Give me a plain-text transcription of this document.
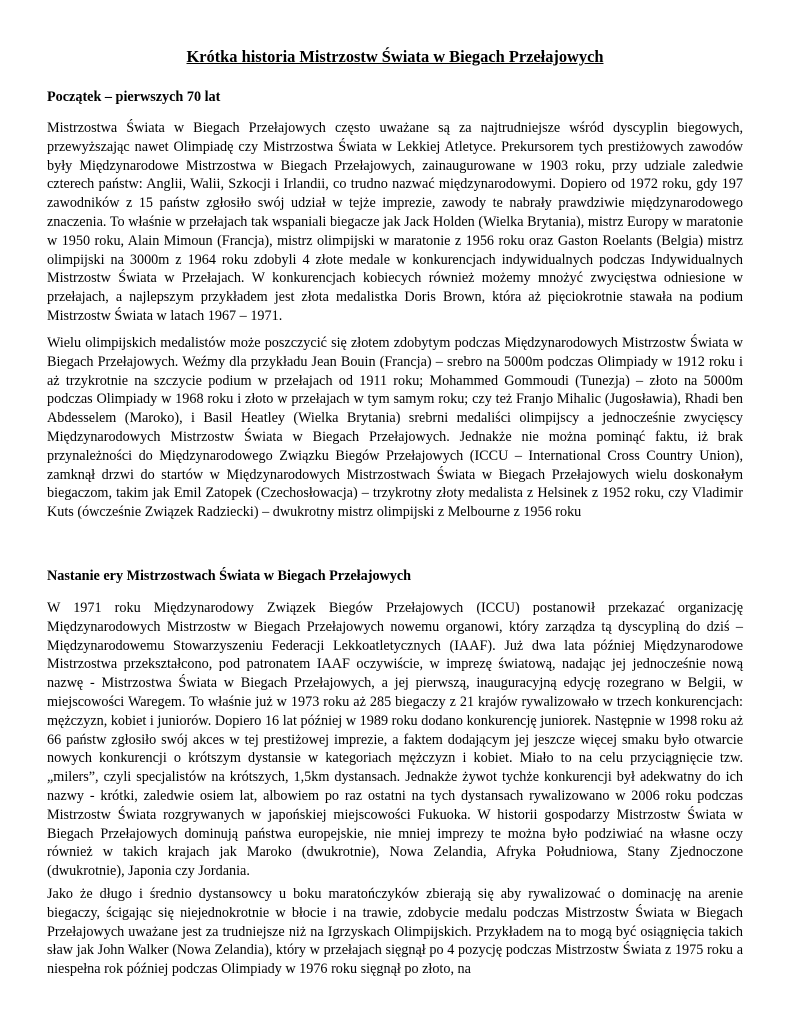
Krótka historia Mistrzostw Świata w Biegach Przełajowych
Początek – pierwszych 70 lat

Mistrzostwa Świata w Biegach Przełajowych często uważane są za najtrudniejsze wśród dyscyplin biegowych, przewyższając nawet Olimpiadę czy Mistrzostwa Świata w Lekkiej Atletyce. Prekursorem tych prestiżowych zawodów były Międzynarodowe Mistrzostwa w Biegach Przełajowych, zainaugurowane w 1903 roku, przy udziale zaledwie czterech państw: Anglii, Walii, Szkocji i Irlandii, co trudno nazwać międzynarodowymi. Dopiero od 1972 roku, gdy 197 zawodników z 15 państw zgłosiło swój udział w tejże imprezie, zawody te nabrały prawdziwie międzynarodowego znaczenia. To właśnie w przełajach tak wspaniali biegacze jak Jack Holden (Wielka Brytania), mistrz Europy w maratonie w 1950 roku, Alain Mimoun (Francja), mistrz olimpijski w maratonie z 1956 roku oraz Gaston Roelants (Belgia) mistrz olimpijski na 3000m z 1964 roku zdobyli 4 złote medale w konkurencjach indywidualnych podczas Indywidualnych Mistrzostw Świata w Przełajach. W konkurencjach kobiecych również możemy mnożyć zwycięstwa odniesione w przełajach, a najlepszym przykładem jest złota medalistka Doris Brown, która aż pięciokrotnie stawała na podium Mistrzostw Świata w latach 1967 – 1971.

Wielu olimpijskich medalistów może poszczycić się złotem zdobytym podczas Międzynarodowych Mistrzostw Świata w Biegach Przełajowych. Weźmy dla przykładu Jean Bouin (Francja) – srebro na 5000m podczas Olimpiady w 1912 roku i aż trzykrotnie na szczycie podium w przełajach od 1911 roku; Mohammed Gommoudi (Tunezja) – złoto na 5000m podczas Olimpiady w 1968 roku i złoto w przełajach w tym samym roku; czy też Franjo Mihalic (Jugosławia), Rhadi ben Abdesselem (Maroko), i Basil Heatley (Wielka Brytania) srebrni medaliści olimpijscy a jednocześnie zwycięscy Międzynarodowych Mistrzostw Świata w Biegach Przełajowych. Jednakże nie można pominąć faktu, iż brak przynależności do Międzynarodowego Związku Biegów Przełajowych (ICCU – International Cross Country Union), zamknął drzwi do startów w Międzynarodowych Mistrzostwach Świata w Biegach Przełajowych wielu doskonałym biegaczom, takim jak Emil Zatopek (Czechosłowacja) – trzykrotny złoty medalista z Helsinek z 1952 roku, czy Vladimir Kuts (ówcześnie Związek Radziecki) – dwukrotny mistrz olimpijski z Melbourne z 1956 roku

Nastanie ery Mistrzostwach Świata w Biegach Przełajowych

W 1971 roku Międzynarodowy Związek Biegów Przełajowych (ICCU) postanowił przekazać organizację Międzynarodowych Mistrzostw w Biegach Przełajowych nowemu organowi, który zarządza tą dyscypliną do dziś – Międzynarodowemu Stowarzyszeniu Federacji Lekkoatletycznych (IAAF). Już dwa lata później Międzynarodowe Mistrzostwa przekształcono, pod patronatem IAAF oczywiście, w imprezę światową, nadając jej jednocześnie nową nazwę - Mistrzostwa Świata w Biegach Przełajowych, a jej pierwszą, inauguracyjną edycję rozegrano w Belgii, w miejscowości Waregem. To właśnie już w 1973 roku aż 285 biegaczy z 21 krajów rywalizowało w trzech konkurencjach: mężczyzn, kobiet i juniorów. Dopiero 16 lat później w 1989 roku dodano konkurencję juniorek. Następnie w 1998 roku aż 66 państw zgłosiło swój akces w tej prestiżowej imprezie, a faktem dodającym jej jeszcze więcej smaku było otwarcie nowych konkurencji o krótszym dystansie w kategoriach mężczyzn i kobiet. Miało to na celu przyciągnięcie tzw. „milers”, czyli specjalistów na krótszych, 1,5km dystansach. Jednakże żywot tychże konkurencji był adekwatny do ich nazwy - krótki, zaledwie osiem lat, albowiem po raz ostatni na tych dystansach rywalizowano w 2006 roku podczas Mistrzostw Świata rozgrywanych w japońskiej miejscowości Fukuoka. W historii gospodarzy Mistrzostw Świata w Biegach Przełajowych dominują państwa europejskie, nie mniej imprezy te można było podziwiać na własne oczy również w takich krajach jak Maroko (dwukrotnie), Nowa Zelandia, Afryka Południowa, Stany Zjednoczone (dwukrotnie), Japonia czy Jordania.

Jako że długo i średnio dystansowcy u boku maratończyków zbierają się aby rywalizować o dominację na arenie biegaczy, ścigając się niejednokrotnie w błocie i na trawie, zdobycie medalu podczas Mistrzostw Świata w Biegach Przełajowych uważane jest za trudniejsze niż na Igrzyskach Olimpijskich. Przykładem na to mogą być osiągnięcia takich sław jak John Walker (Nowa Zelandia), który w przełajach sięgnął po 4 pozycję podczas Mistrzostw Świata z 1975 roku a niespełna rok później podczas Olimpiady w 1976 roku sięgnął po złoto, na
